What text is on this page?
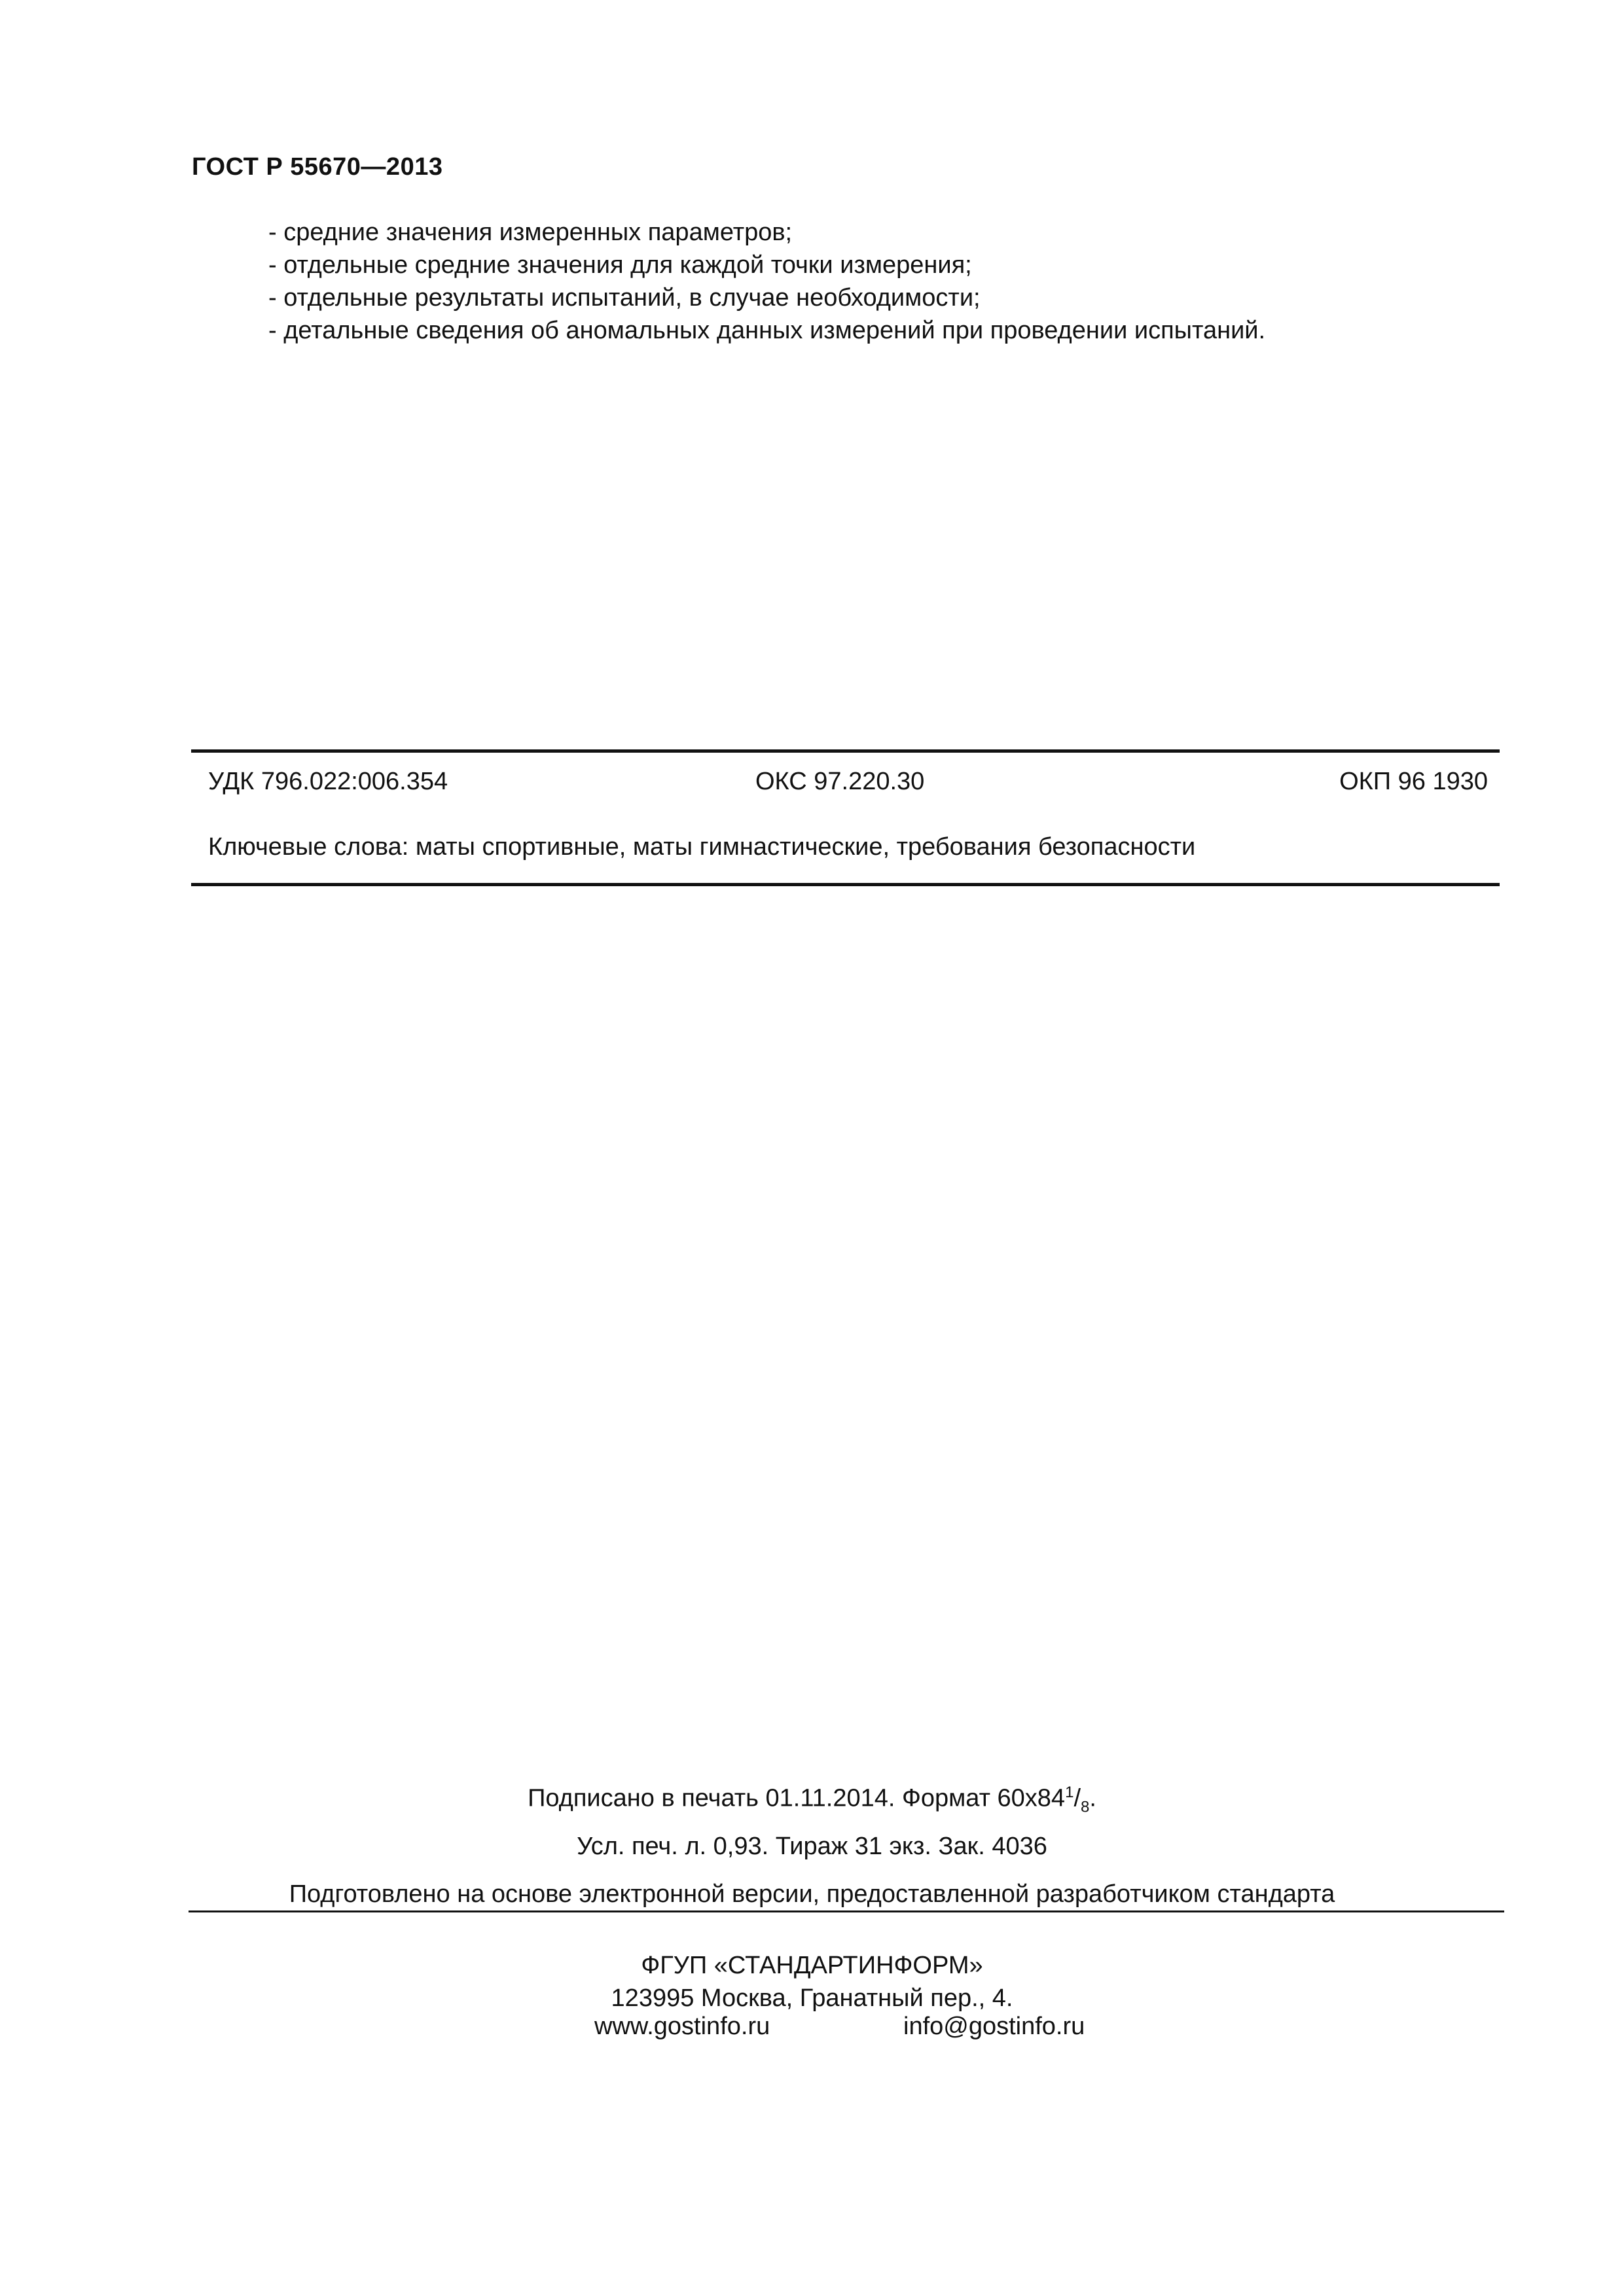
ГОСТ Р 55670—2013
- средние значения измеренных параметров;
- отдельные средние значения для каждой точки измерения;
- отдельные результаты испытаний, в случае необходимости;
- детальные сведения об аномальных данных измерений при проведении испытаний.
УДК 796.022:006.354	ОКС 97.220.30	ОКП 96 1930
Ключевые слова: маты спортивные, маты гимнастические, требования безопасности
Подписано в печать 01.11.2014. Формат $60х84^1/_8$.
Усл. печ. л. 0,93. Тираж 31 экз. Зак. 4036
Подготовлено на основе электронной версии, предоставленной разработчиком стандарта
ФГУП «СТАНДАРТИНФОРМ»
123995 Москва, Гранатный пер., 4.
www.gostinfo.ru	info@gostinfo.ru
